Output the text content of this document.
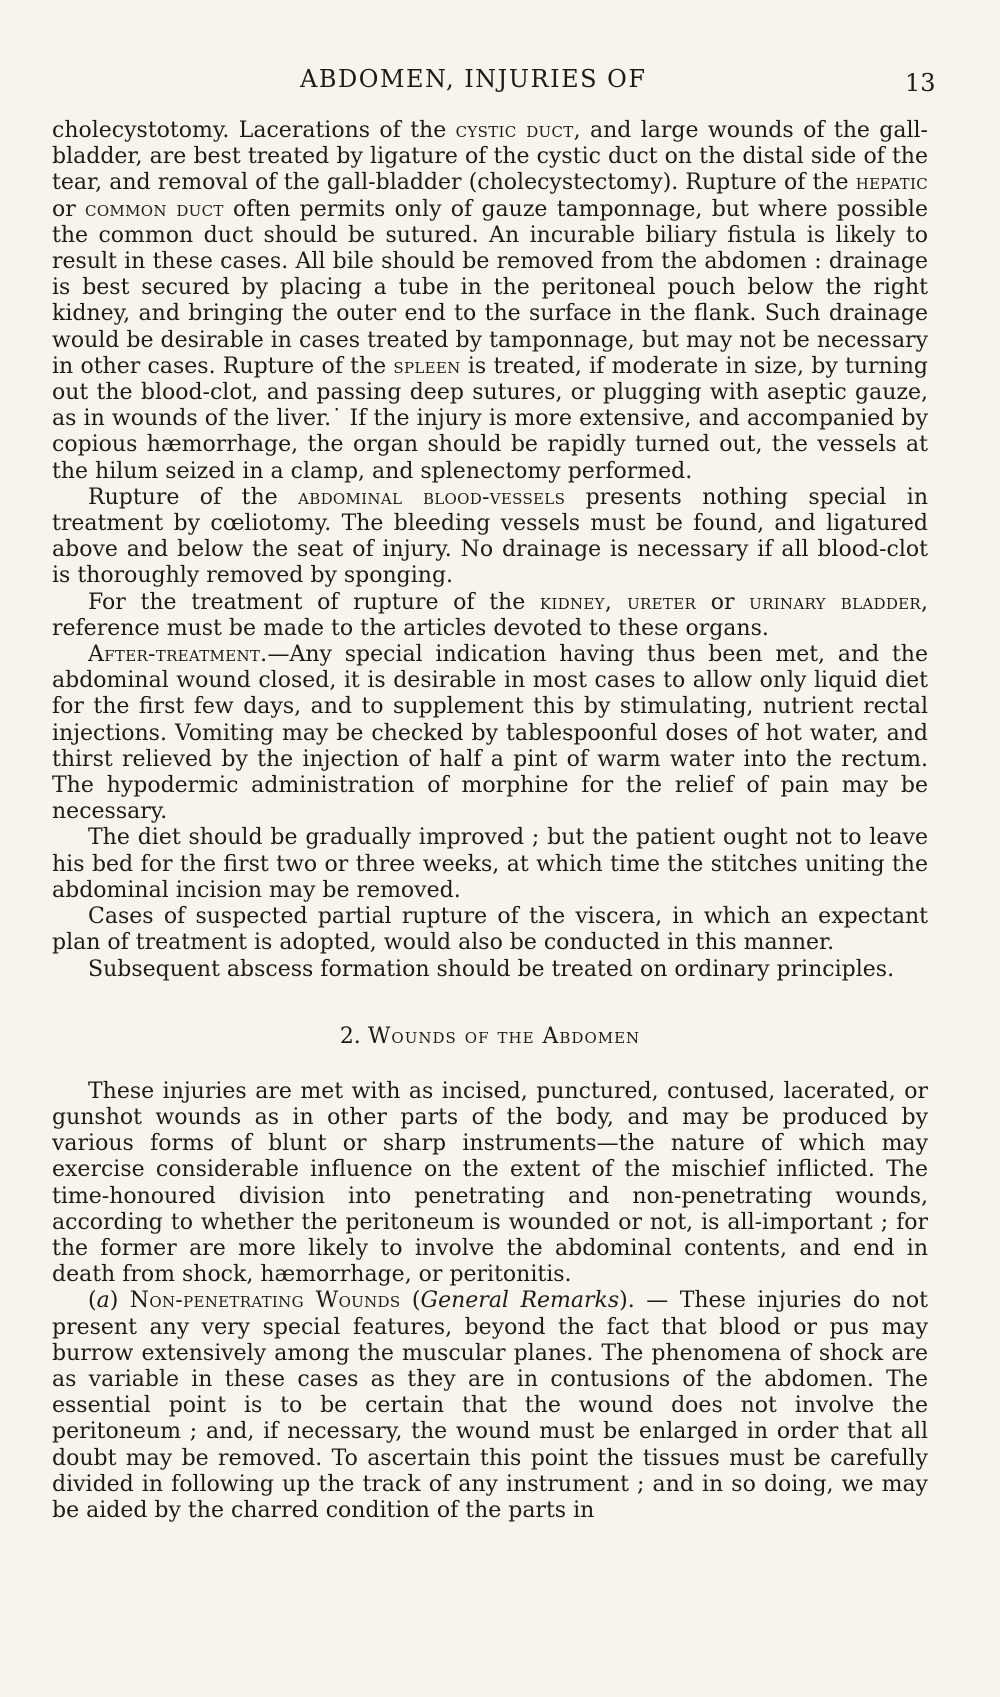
ABDOMEN, INJURIES OF	13

cholecystotomy. Lacerations of the cystic duct, and large wounds of the gall-bladder, are best treated by ligature of the cystic duct on the distal side of the tear, and removal of the gall-bladder (cholecystectomy). Rupture of the hepatic or common duct often permits only of gauze tamponnage, but where possible the common duct should be sutured. An incurable biliary fistula is likely to result in these cases. All bile should be removed from the abdomen : drainage is best secured by placing a tube in the peritoneal pouch below the right kidney, and bringing the outer end to the surface in the flank. Such drainage would be desirable in cases treated by tamponnage, but may not be necessary in other cases. Rupture of the spleen is treated, if moderate in size, by turning out the blood-clot, and passing deep sutures, or plugging with aseptic gauze, as in wounds of the liver.˙ If the injury is more extensive, and accompanied by copious hæmorrhage, the organ should be rapidly turned out, the vessels at the hilum seized in a clamp, and splenectomy performed.

Rupture of the abdominal blood-vessels presents nothing special in treatment by cœliotomy. The bleeding vessels must be found, and ligatured above and below the seat of injury. No drainage is necessary if all blood-clot is thoroughly removed by sponging.

For the treatment of rupture of the kidney, ureter or urinary bladder, reference must be made to the articles devoted to these organs.

After-treatment.—Any special indication having thus been met, and the abdominal wound closed, it is desirable in most cases to allow only liquid diet for the first few days, and to supplement this by stimulating, nutrient rectal injections. Vomiting may be checked by tablespoonful doses of hot water, and thirst relieved by the injection of half a pint of warm water into the rectum. The hypodermic administration of morphine for the relief of pain may be necessary.

The diet should be gradually improved ; but the patient ought not to leave his bed for the first two or three weeks, at which time the stitches uniting the abdominal incision may be removed.

Cases of suspected partial rupture of the viscera, in which an expectant plan of treatment is adopted, would also be conducted in this manner.

Subsequent abscess formation should be treated on ordinary principles.

2. Wounds of the Abdomen

These injuries are met with as incised, punctured, contused, lacerated, or gunshot wounds as in other parts of the body, and may be produced by various forms of blunt or sharp instruments—the nature of which may exercise considerable influence on the extent of the mischief inflicted. The time-honoured division into penetrating and non-penetrating wounds, according to whether the peritoneum is wounded or not, is all-important ; for the former are more likely to involve the abdominal contents, and end in death from shock, hæmorrhage, or peritonitis.

(a) Non-penetrating Wounds (General Remarks). — These injuries do not present any very special features, beyond the fact that blood or pus may burrow extensively among the muscular planes. The phenomena of shock are as variable in these cases as they are in contusions of the abdomen. The essential point is to be certain that the wound does not involve the peritoneum ; and, if necessary, the wound must be enlarged in order that all doubt may be removed. To ascertain this point the tissues must be carefully divided in following up the track of any instrument ; and in so doing, we may be aided by the charred condition of the parts in
